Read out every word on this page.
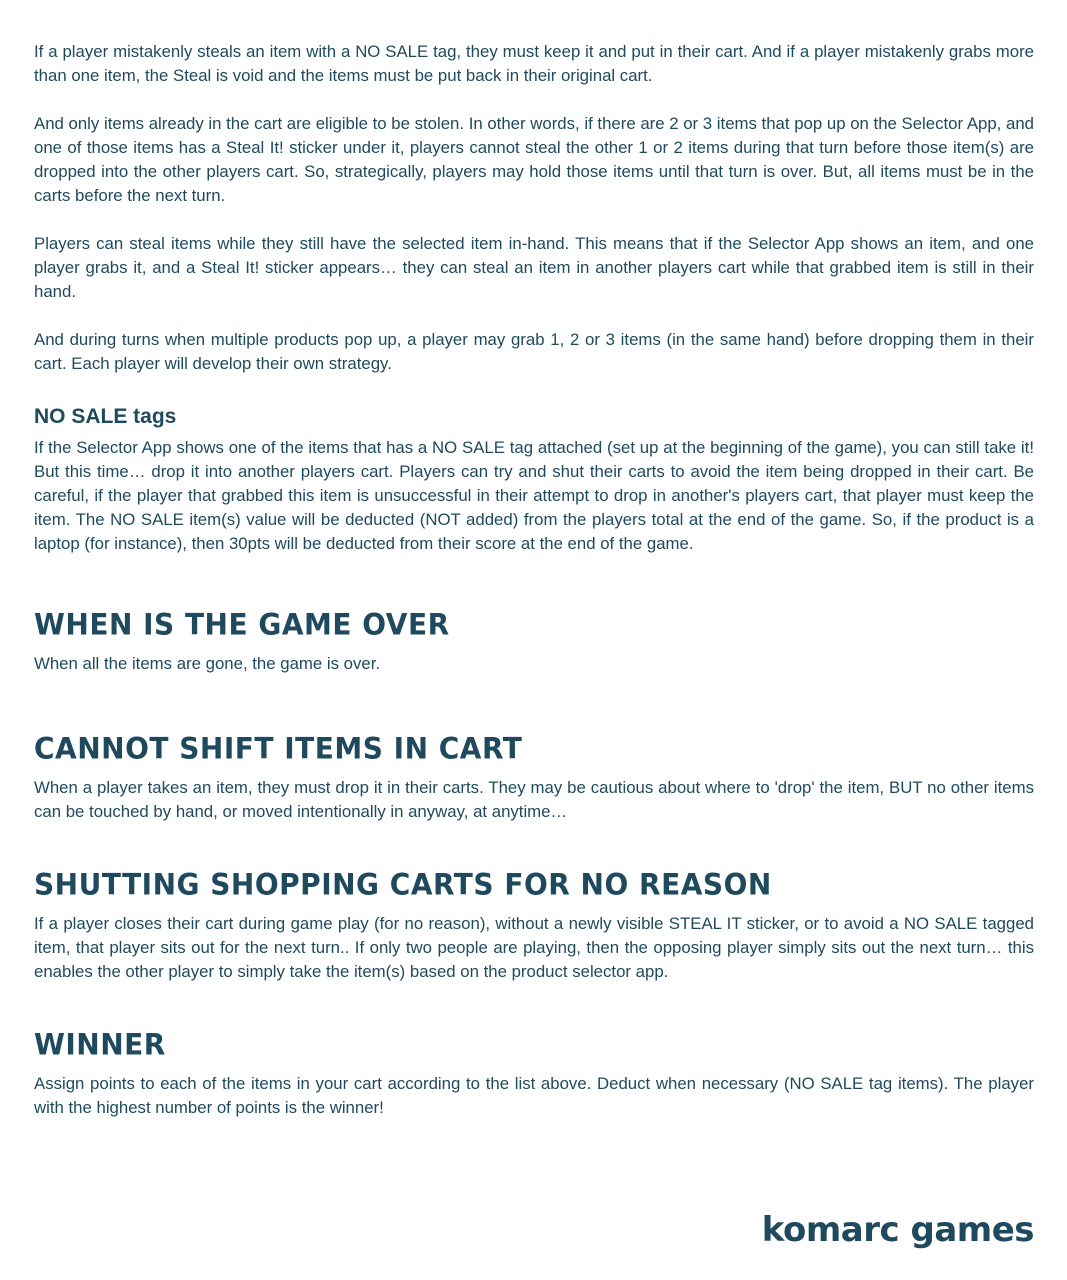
If a player mistakenly steals an item with a NO SALE tag, they must keep it and put in their cart. And if a player mistakenly grabs more than one item, the Steal is void and the items must be put back in their original cart.

And only items already in the cart are eligible to be stolen. In other words, if there are 2 or 3 items that pop up on the Selector App, and one of those items has a Steal It! sticker under it, players cannot steal the other 1 or 2 items during that turn before those item(s) are dropped into the other players cart. So, strategically, players may hold those items until that turn is over. But, all items must be in the carts before the next turn.

Players can steal items while they still have the selected item in-hand. This means that if the Selector App shows an item, and one player grabs it, and a Steal It! sticker appears… they can steal an item in another players cart while that grabbed item is still in their hand.

And during turns when multiple products pop up, a player may grab 1, 2 or 3 items (in the same hand) before dropping them in their cart. Each player will develop their own strategy.

NO SALE tags

If the Selector App shows one of the items that has a NO SALE tag attached (set up at the beginning of the game), you can still take it! But this time… drop it into another players cart. Players can try and shut their carts to avoid the item being dropped in their cart. Be careful, if the player that grabbed this item is unsuccessful in their attempt to drop in another's players cart, that player must keep the item. The NO SALE item(s) value will be deducted (NOT added) from the players total at the end of the game. So, if the product is a laptop (for instance), then 30pts will be deducted from their score at the end of the game.

WHEN IS THE GAME OVER

When all the items are gone, the game is over.

CANNOT SHIFT ITEMS IN CART

When a player takes an item, they must drop it in their carts. They may be cautious about where to 'drop' the item, BUT no other items can be touched by hand, or moved intentionally in anyway, at anytime…

SHUTTING SHOPPING CARTS FOR NO REASON

If a player closes their cart during game play (for no reason), without a newly visible STEAL IT sticker, or to avoid a NO SALE tagged item, that player sits out for the next turn.. If only two people are playing, then the opposing player simply sits out the next turn… this enables the other player to simply take the item(s) based on the product selector app.

WINNER

Assign points to each of the items in your cart according to the list above. Deduct when necessary (NO SALE tag items). The player with the highest number of points is the winner!

komarc games
